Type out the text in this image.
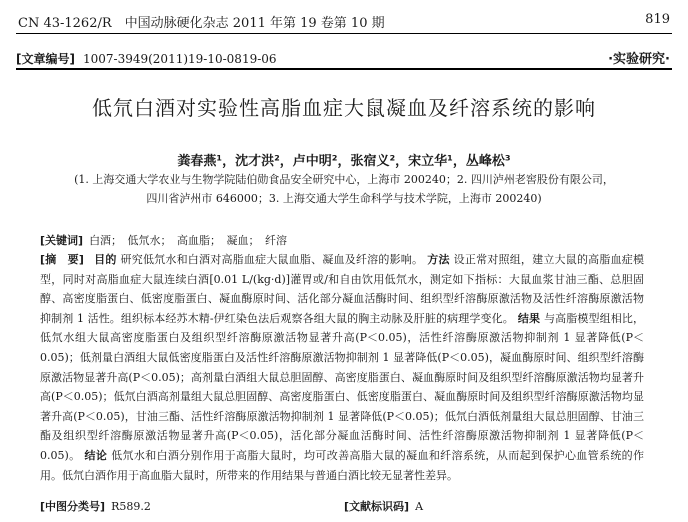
CN 43-1262/R　中国动脉硬化杂志 2011 年第 19 卷第 10 期	819
[文章编号] 1007-3949(2011)19-10-0819-06	·实验研究·
低氘白酒对实验性高脂血症大鼠凝血及纤溶系统的影响
粪春燕¹，沈才洪²，卢中明²，张宿义²，宋立华¹，丛峰松³
(1. 上海交通大学农业与生物学院陆伯勋食品安全研究中心，上海市 200240；2. 四川泸州老窖股份有限公司，
四川省泸州市 646000；3. 上海交通大学生命科学与技术学院，上海市 200240)
[关键词] 白酒；　低氘水；　高血脂；　凝血；　纤溶
[摘　要] 目的 研究低氘水和白酒对高脂血症大鼠血脂、凝血及纤溶的影响。 方法 设正常对照组，建立大鼠的高脂血症模型，同时对高脂血症大鼠连续白酒[0.01 L/(kg·d)]灌胃或/和自由饮用低氘水，测定如下指标：大鼠血浆甘油三酯、总胆固醇、高密度脂蛋白、低密度脂蛋白、凝血酶原时间、活化部分凝血活酶时间、组织型纤溶酶原激活物及活性纤溶酶原激活物抑制剂 1 活性。组织标本经苏木精-伊红染色法后观察各组大鼠的胸主动脉及肝脏的病理学变化。 结果 与高脂模型组相比，低氘水组大鼠高密度脂蛋白及组织型纤溶酶原激活物显著升高(P＜0.05)，活性纤溶酶原激活物抑制剂 1 显著降低(P＜0.05)；低剂量白酒组大鼠低密度脂蛋白及活性纤溶酶原激活物抑制剂 1 显著降低(P＜0.05)，凝血酶原时间、组织型纤溶酶原激活物显著升高(P＜0.05)；高剂量白酒组大鼠总胆固醇、高密度脂蛋白、凝血酶原时间及组织型纤溶酶原激活物均显著升高(P＜0.05)；低氘白酒高剂量组大鼠总胆固醇、高密度脂蛋白、低密度脂蛋白、凝血酶原时间及组织型纤溶酶原激活物均显著升高(P＜0.05)，甘油三酯、活性纤溶酶原激活物抑制剂 1 显著降低(P＜0.05)；低氘白酒低剂量组大鼠总胆固醇、甘油三酯及组织型纤溶酶原激活物显著升高(P＜0.05)，活化部分凝血活酶时间、活性纤溶酶原激活物抑制剂 1 显著降低(P＜0.05)。 结论 低氘水和白酒分别作用于高脂大鼠时，均可改善高脂大鼠的凝血和纤溶系统，从而起到保护心血管系统的作用。低氘白酒作用于高血脂大鼠时，所带来的作用结果与普通白酒比较无显著性差异。
[中图分类号] R589.2	[文献标识码] A
